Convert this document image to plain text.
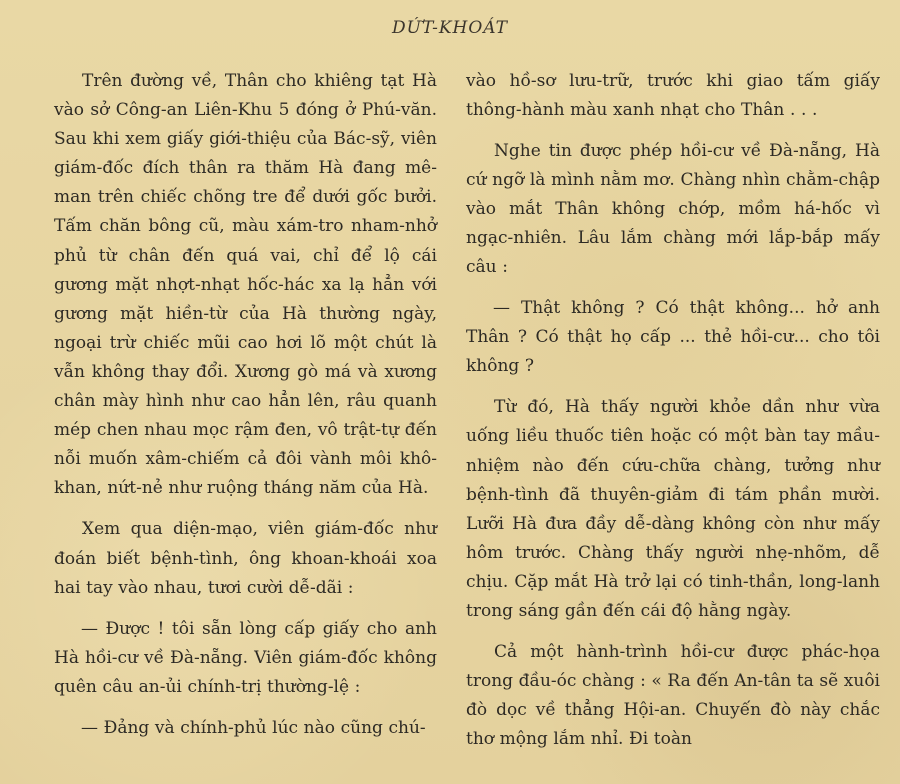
DỨT-KHOÁT

Trên đường về, Thân cho khiêng tạt Hà vào sở Công-an Liên-Khu 5 đóng ở Phú-văn. Sau khi xem giấy giới-thiệu của Bác-sỹ, viên giám-đốc đích thân ra thăm Hà đang mê-man trên chiếc chõng tre để dưới gốc bưởi. Tấm chăn bông cũ, màu xám-tro nham-nhở phủ từ chân đến quá vai, chỉ để lộ cái gương mặt nhợt-nhạt hốc-hác xa lạ hẳn với gương mặt hiền-từ của Hà thường ngày, ngoại trừ chiếc mũi cao hơi lõ một chút là vẫn không thay đổi. Xương gò má và xương chân mày hình như cao hẳn lên, râu quanh mép chen nhau mọc rậm đen, vô trật-tự đến nỗi muốn xâm-chiếm cả đôi vành môi khô-khan, nứt-nẻ như ruộng tháng năm của Hà.

Xem qua diện-mạo, viên giám-đốc như đoán biết bệnh-tình, ông khoan-khoái xoa hai tay vào nhau, tươi cười dễ-dãi :

— Được ! tôi sẵn lòng cấp giấy cho anh Hà hồi-cư về Đà-nẵng. Viên giám-đốc không quên câu an-ủi chính-trị thường-lệ :

— Đảng và chính-phủ lúc nào cũng chú-

vào hồ-sơ lưu-trữ, trước khi giao tấm giấy thông-hành màu xanh nhạt cho Thân . . .

Nghe tin được phép hồi-cư về Đà-nẵng, Hà cứ ngỡ là mình nằm mơ. Chàng nhìn chằm-chập vào mắt Thân không chớp, mồm há-hốc vì ngạc-nhiên. Lâu lắm chàng mới lắp-bắp mấy câu :

— Thật không ? Có thật không... hở anh Thân ? Có thật họ cấp ... thẻ hồi-cư... cho tôi không ?

Từ đó, Hà thấy người khỏe dần như vừa uống liều thuốc tiên hoặc có một bàn tay mầu-nhiệm nào đến cứu-chữa chàng, tưởng như bệnh-tình đã thuyên-giảm đi tám phần mười. Lưỡi Hà đưa đầy dễ-dàng không còn như mấy hôm trước. Chàng thấy người nhẹ-nhõm, dễ chịu. Cặp mắt Hà trở lại có tinh-thần, long-lanh trong sáng gần đến cái độ hằng ngày.

Cả một hành-trình hồi-cư được phác-họa trong đầu-óc chàng : « Ra đến An-tân ta sẽ xuôi đò dọc về thẳng Hội-an. Chuyến đò này chắc thơ mộng lắm nhỉ. Đi toàn
